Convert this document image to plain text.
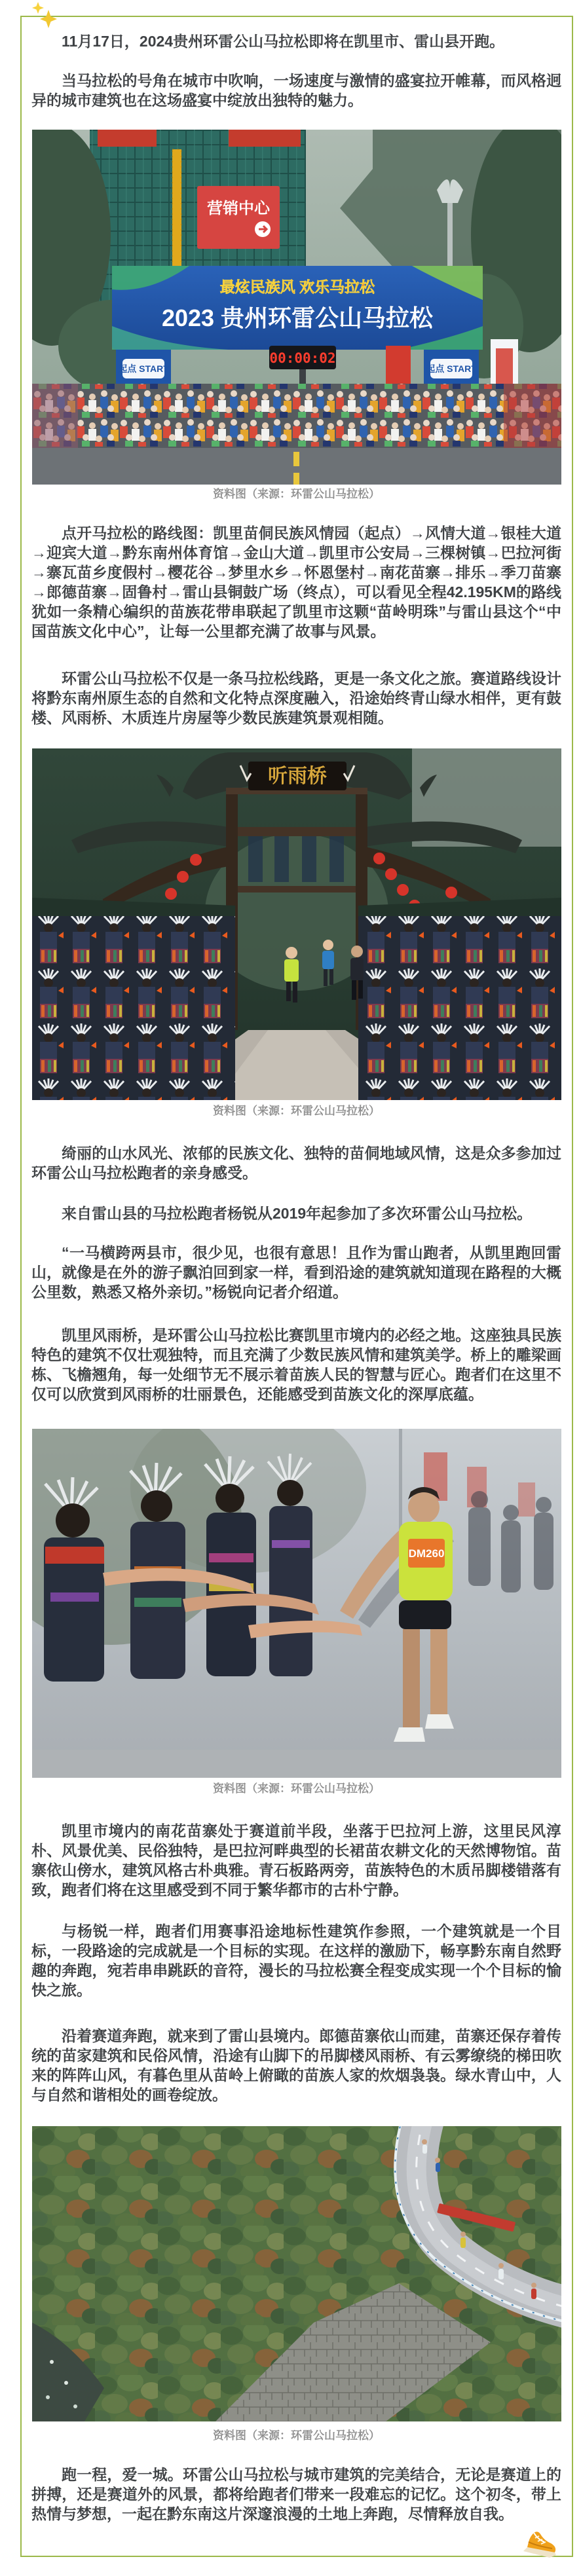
11月17日，2024贵州环雷公山马拉松即将在凯里市、雷山县开跑。

当马拉松的号角在城市中吹响，一场速度与激情的盛宴拉开帷幕，而风格迥异的城市建筑也在这场盛宴中绽放出独特的魅力。

营销中心
最炫民族风 欢乐马拉松
2023 贵州环雷公山马拉松
起点 START	起点 START
00:00:02

资料图（来源：环雷公山马拉松）

点开马拉松的路线图：凯里苗侗民族风情园（起点）→风情大道→银桂大道→迎宾大道→黔东南州体育馆→金山大道→凯里市公安局→三棵树镇→巴拉河街→寨瓦苗乡度假村→樱花谷→梦里水乡→怀恩堡村→南花苗寨→排乐→季刀苗寨→郎德苗寨→固鲁村→雷山县铜鼓广场（终点），可以看见全程42.195KM的路线犹如一条精心编织的苗族花带串联起了凯里市这颗“苗岭明珠”与雷山县这个“中国苗族文化中心”，让每一公里都充满了故事与风景。

环雷公山马拉松不仅是一条马拉松线路，更是一条文化之旅。赛道路线设计将黔东南州原生态的自然和文化特点深度融入，沿途始终青山绿水相伴，更有鼓楼、风雨桥、木质连片房屋等少数民族建筑景观相随。

听雨桥

资料图（来源：环雷公山马拉松）

绮丽的山水风光、浓郁的民族文化、独特的苗侗地域风情，这是众多参加过环雷公山马拉松跑者的亲身感受。

来自雷山县的马拉松跑者杨锐从2019年起参加了多次环雷公山马拉松。

“一马横跨两县市，很少见，也很有意思！且作为雷山跑者，从凯里跑回雷山，就像是在外的游子飘泊回到家一样，看到沿途的建筑就知道现在路程的大概公里数，熟悉又格外亲切。”杨锐向记者介绍道。

凯里风雨桥，是环雷公山马拉松比赛凯里市境内的必经之地。这座独具民族特色的建筑不仅壮观独特，而且充满了少数民族风情和建筑美学。桥上的雕梁画栋、飞檐翘角，每一处细节无不展示着苗族人民的智慧与匠心。跑者们在这里不仅可以欣赏到风雨桥的壮丽景色，还能感受到苗族文化的深厚底蕴。

DM260

资料图（来源：环雷公山马拉松）

凯里市境内的南花苗寨处于赛道前半段，坐落于巴拉河上游，这里民风淳朴、风景优美、民俗独特，是巴拉河畔典型的长裙苗农耕文化的天然博物馆。苗寨依山傍水，建筑风格古朴典雅。青石板路两旁，苗族特色的木质吊脚楼错落有致，跑者们将在这里感受到不同于繁华都市的古朴宁静。

与杨锐一样，跑者们用赛事沿途地标性建筑作参照，一个建筑就是一个目标，一段路途的完成就是一个目标的实现。在这样的激励下，畅享黔东南自然野趣的奔跑，宛若串串跳跃的音符，漫长的马拉松赛全程变成实现一个个目标的愉快之旅。

沿着赛道奔跑，就来到了雷山县境内。郎德苗寨依山而建，苗寨还保存着传统的苗家建筑和民俗风情，沿途有山脚下的吊脚楼风雨桥、有云雾缭绕的梯田吹来的阵阵山风，有暮色里从苗岭上俯瞰的苗族人家的炊烟袅袅。绿水青山中，人与自然和谐相处的画卷绽放。

资料图（来源：环雷公山马拉松）

跑一程，爱一城。环雷公山马拉松与城市建筑的完美结合，无论是赛道上的拼搏，还是赛道外的风景，都将给跑者们带来一段难忘的记忆。这个初冬，带上热情与梦想，一起在黔东南这片深邃浪漫的土地上奔跑，尽情释放自我。
